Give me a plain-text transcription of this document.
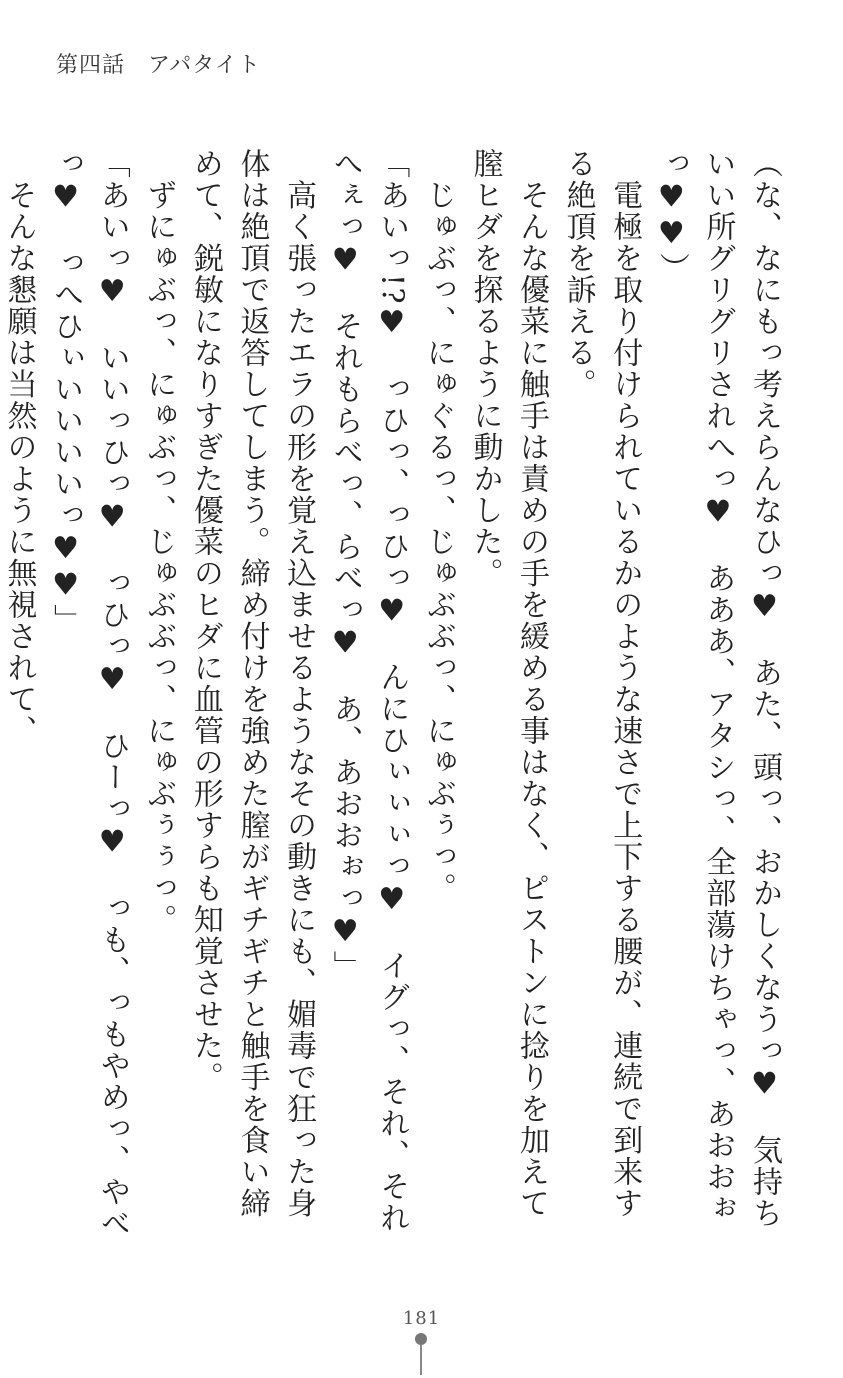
第四話　アパタイト

（な、なにもっ考えらんなひっ♥　あた、頭っ、おかしくなうっ♥　気持ちいい所グリグリされへっ♥　あああ、アタシっ、全部蕩けちゃっ、あおおぉっ♥♥）

　電極を取り付けられているかのような速さで上下する腰が、連続で到来する絶頂を訴える。

　そんな優菜に触手は責めの手を緩める事はなく、ピストンに捻りを加えて膣ヒダを探るように動かした。

　じゅぶっ、にゅぐるっ、じゅぶぶっ、にゅぶぅっ。

「あいっ!?♥　っひっ、っひっ♥　んにひぃぃぃっ♥　イグっ、それ、それへぇっ♥　それもらべっ、らべっ♥　あ、あおおぉっ♥」

　高く張ったエラの形を覚え込ませるようなその動きにも、媚毒で狂った身体は絶頂で返答してしまう。締め付けを強めた膣がギチギチと触手を食い締めて、鋭敏になりすぎた優菜のヒダに血管の形すらも知覚させた。

　ずにゅぶっ、にゅぶっ、じゅぶぶっ、にゅぶぅぅっ。

「あいっ♥　いいっひっ♥　っひっ♥　ひーっ♥　っも、っもやめっ、やべっ♥　っへひぃいいいいっ♥♥」

　そんな懇願は当然のように無視されて、

181
